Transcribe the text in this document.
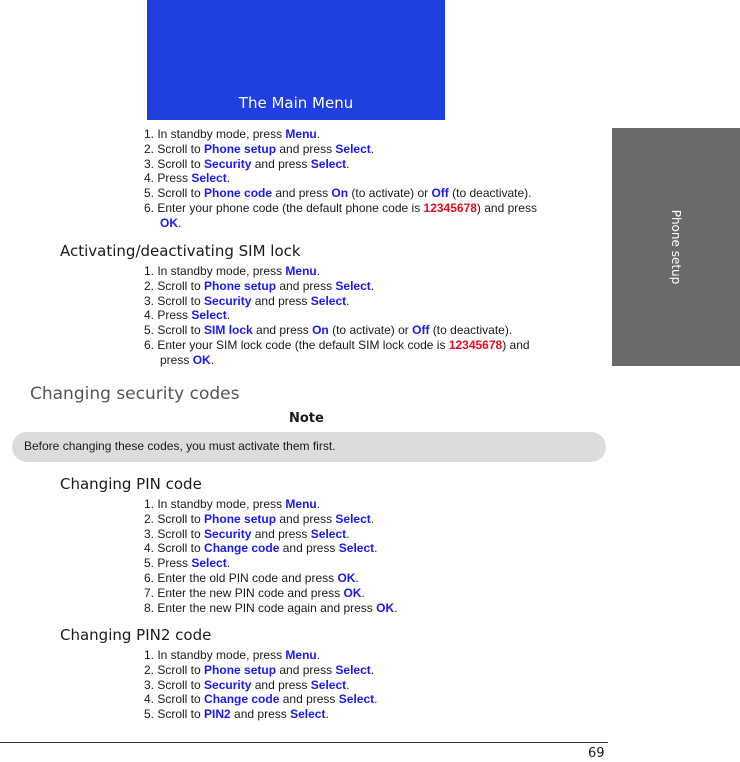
The Main Menu
Phone setup
1. In standby mode, press Menu.
2. Scroll to Phone setup and press Select.
3. Scroll to Security and press Select.
4. Press Select.
5. Scroll to Phone code and press On (to activate) or Off (to deactivate).
6. Enter your phone code (the default phone code is 12345678) and press
OK.
Activating/deactivating SIM lock
1. In standby mode, press Menu.
2. Scroll to Phone setup and press Select.
3. Scroll to Security and press Select.
4. Press Select.
5. Scroll to SIM lock and press On (to activate) or Off (to deactivate).
6. Enter your SIM lock code (the default SIM lock code is 12345678) and
press OK.
Changing security codes
Note
Before changing these codes, you must activate them first.
Changing PIN code
1. In standby mode, press Menu.
2. Scroll to Phone setup and press Select.
3. Scroll to Security and press Select.
4. Scroll to Change code and press Select.
5. Press Select.
6. Enter the old PIN code and press OK.
7. Enter the new PIN code and press OK.
8. Enter the new PIN code again and press OK.
Changing PIN2 code
1. In standby mode, press Menu.
2. Scroll to Phone setup and press Select.
3. Scroll to Security and press Select.
4. Scroll to Change code and press Select.
5. Scroll to PIN2 and press Select.
69
